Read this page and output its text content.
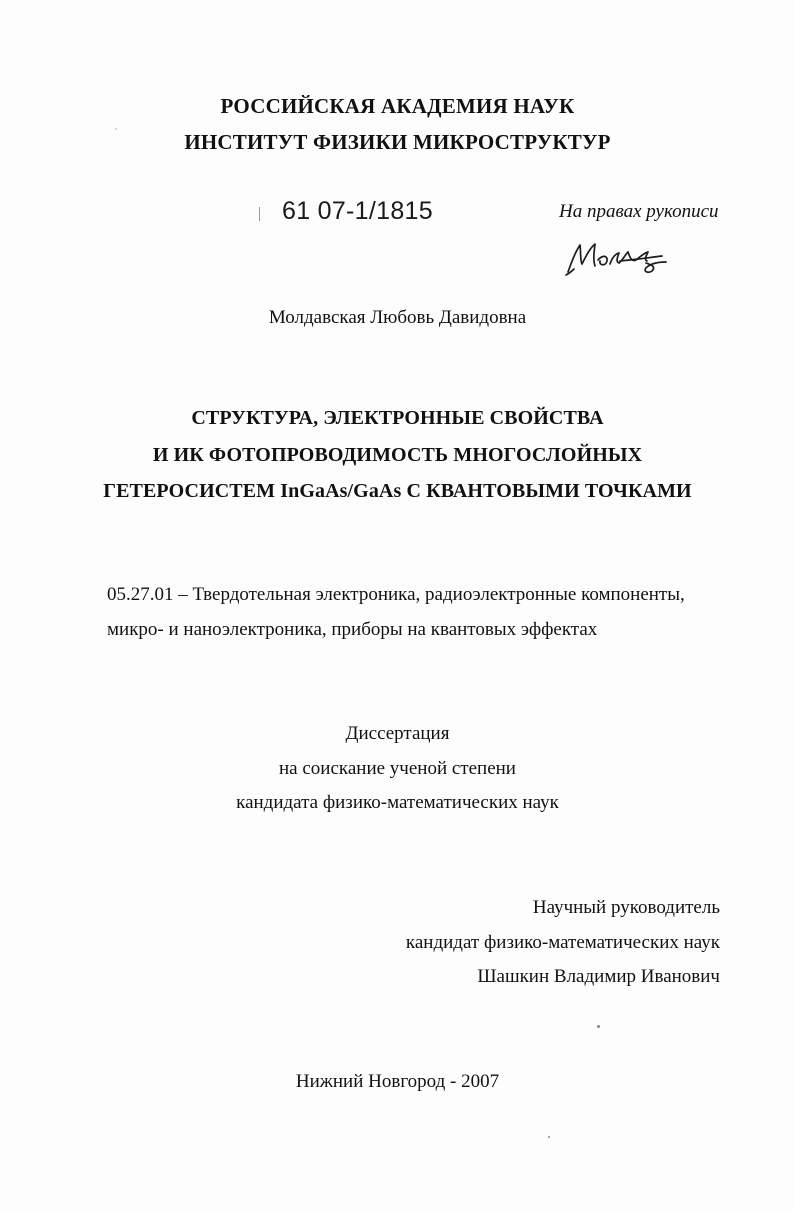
РОССИЙСКАЯ АКАДЕМИЯ НАУК
ИНСТИТУТ ФИЗИКИ МИКРОСТРУКТУР
61 07-1/1815	На правах рукописи
Молдавская Любовь Давидовна
СТРУКТУРА, ЭЛЕКТРОННЫЕ СВОЙСТВА
И ИК ФОТОПРОВОДИМОСТЬ МНОГОСЛОЙНЫХ
ГЕТЕРОСИСТЕМ InGaAs/GaAs С КВАНТОВЫМИ ТОЧКАМИ
05.27.01 – Твердотельная электроника, радиоэлектронные компоненты,
микро- и наноэлектроника, приборы на квантовых эффектах
Диссертация
на соискание ученой степени
кандидата физико-математических наук
Научный руководитель
кандидат физико-математических наук
Шашкин Владимир Иванович
Нижний Новгород - 2007
